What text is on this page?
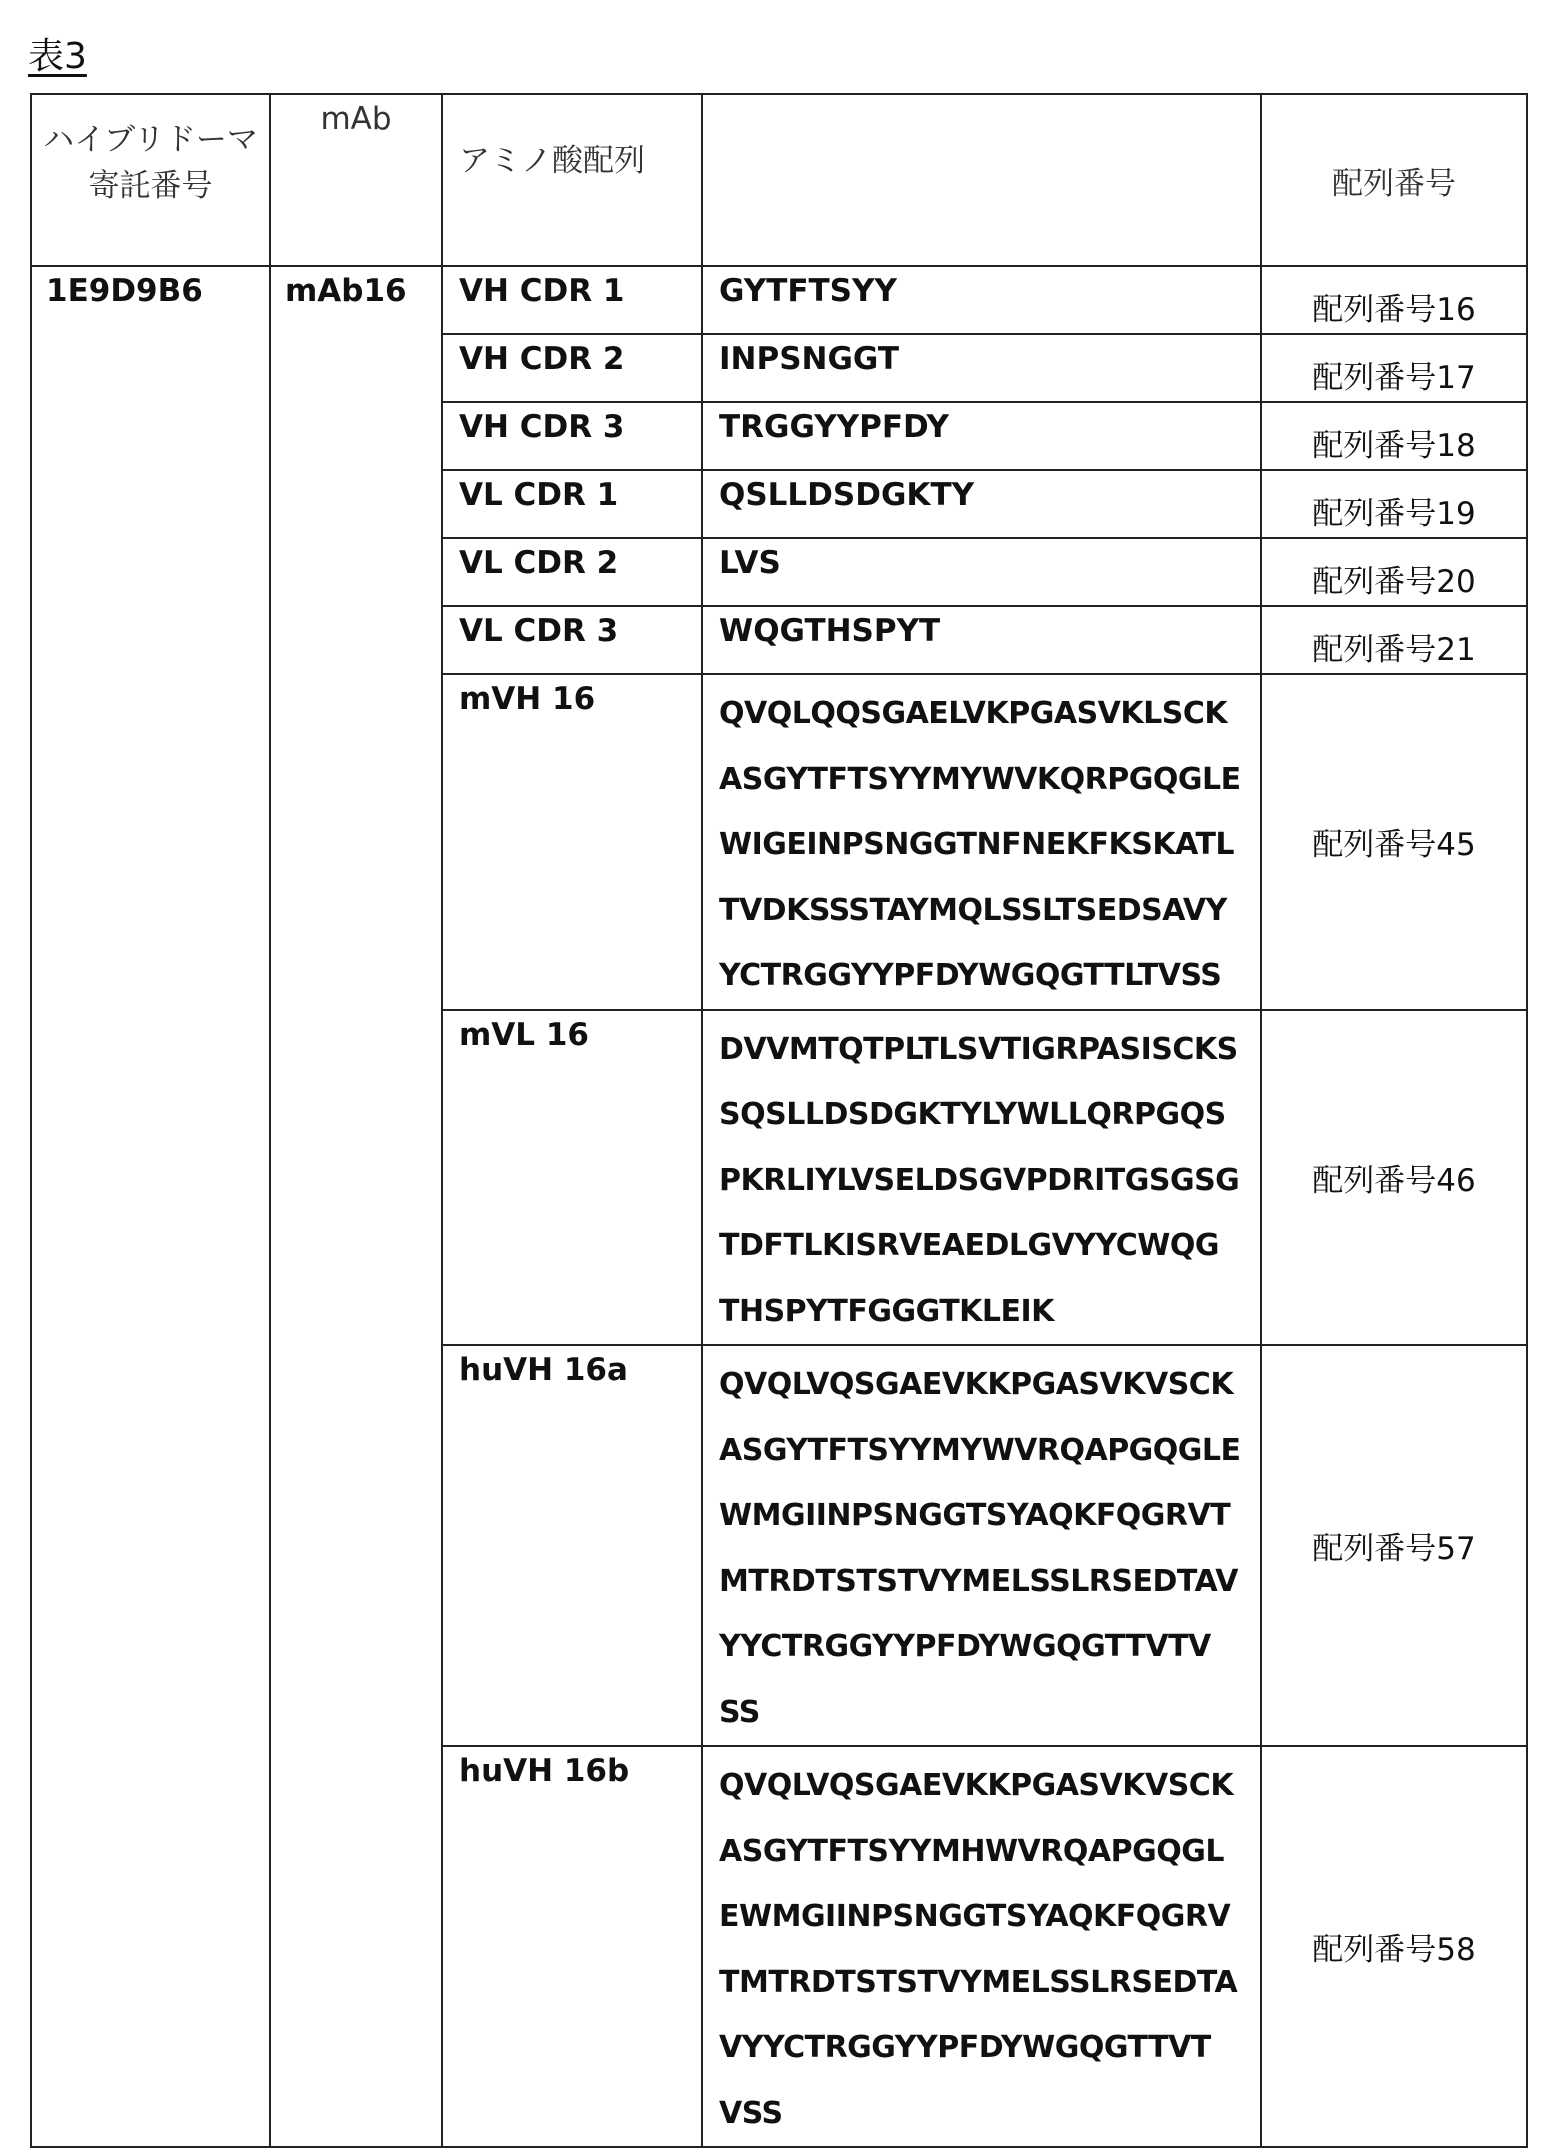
表3
ハイブリドーマ
寄託番号
	mAb	アミノ酸配列		配列番号
1E9D9B6	mAb16	VH CDR 1	GYTFTSYY	配列番号16
VH CDR 2	INPSNGGT	配列番号17
VH CDR 3	TRGGYYPFDY	配列番号18
VL CDR 1	QSLLDSDGKTY	配列番号19
VL CDR 2	LVS	配列番号20
VL CDR 3	WQGTHSPYT	配列番号21
mVH 16	QVQLQQSGAELVKPGASVKLSCK
ASGYTFTSYYMYWVKQRPGQGLE
WIGEINPSNGGTNFNEKFKSKATL
TVDKSSSTAYMQLSSLTSEDSAVY
YCTRGGYYPFDYWGQGTTLTVSS
	配列番号45
mVL 16	DVVMTQTPLTLSVTIGRPASISCKS
SQSLLDSDGKTYLYWLLQRPGQS
PKRLIYLVSELDSGVPDRITGSGSG
TDFTLKISRVEAEDLGVYYCWQG
THSPYTFGGGTKLEIK
	配列番号46
huVH 16a	QVQLVQSGAEVKKPGASVKVSCK
ASGYTFTSYYMYWVRQAPGQGLE
WMGIINPSNGGTSYAQKFQGRVT
MTRDTSTSTVYMELSSLRSEDTAV
YYCTRGGYYPFDYWGQGTTVTV
SS
	配列番号57
huVH 16b	QVQLVQSGAEVKKPGASVKVSCK
ASGYTFTSYYMHWVRQAPGQGL
EWMGIINPSNGGTSYAQKFQGRV
TMTRDTSTSTVYMELSSLRSEDTA
VYYCTRGGYYPFDYWGQGTTVT
VSS
	配列番号58
